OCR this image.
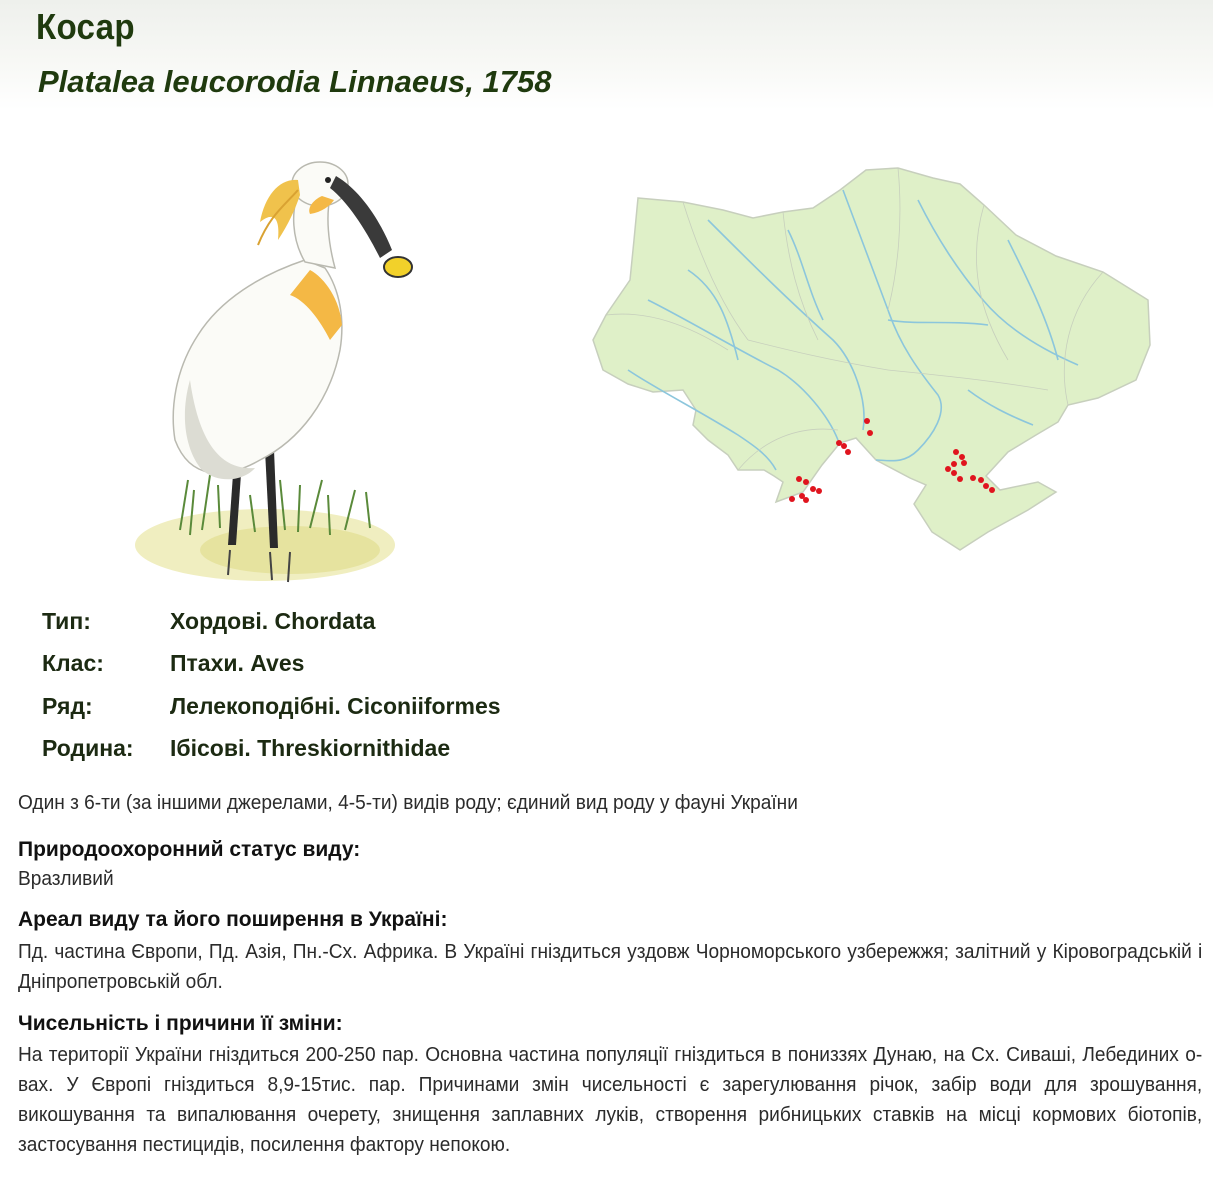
Косар
Platalea leucorodia Linnaeus, 1758
Тип:	Хордові. Chordata
Клас:	Птахи. Aves
Ряд:	Лелекоподібні. Ciconiiformes
Родина:	Ібісові. Threskiornithidae
Один з 6-ти (за іншими джерелами, 4-5-ти) видів роду; єдиний вид роду у фауні України
Природоохоронний статус виду:
Вразливий
Ареал виду та його поширення в Україні:
Пд. частина Європи, Пд. Азія, Пн.-Сх. Африка. В Україні гніздиться уздовж Чорноморського узбережжя; залітний у Кіровоградській і Дніпропетровській обл.
Чисельність і причини її зміни:
На території України гніздиться 200-250 пар. Основна частина популяції гніздиться в пониззях Дунаю, на Сх. Сиваші, Лебединих о-вах. У Європі гніздиться 8,9-15тис. пар. Причинами змін чисельності є зарегулювання річок, забір води для зрошування, викошування та випалювання очерету, знищення заплавних луків, створення рибницьких ставків на місці кормових біотопів, застосування пестицидів, посилення фактору непокою.
